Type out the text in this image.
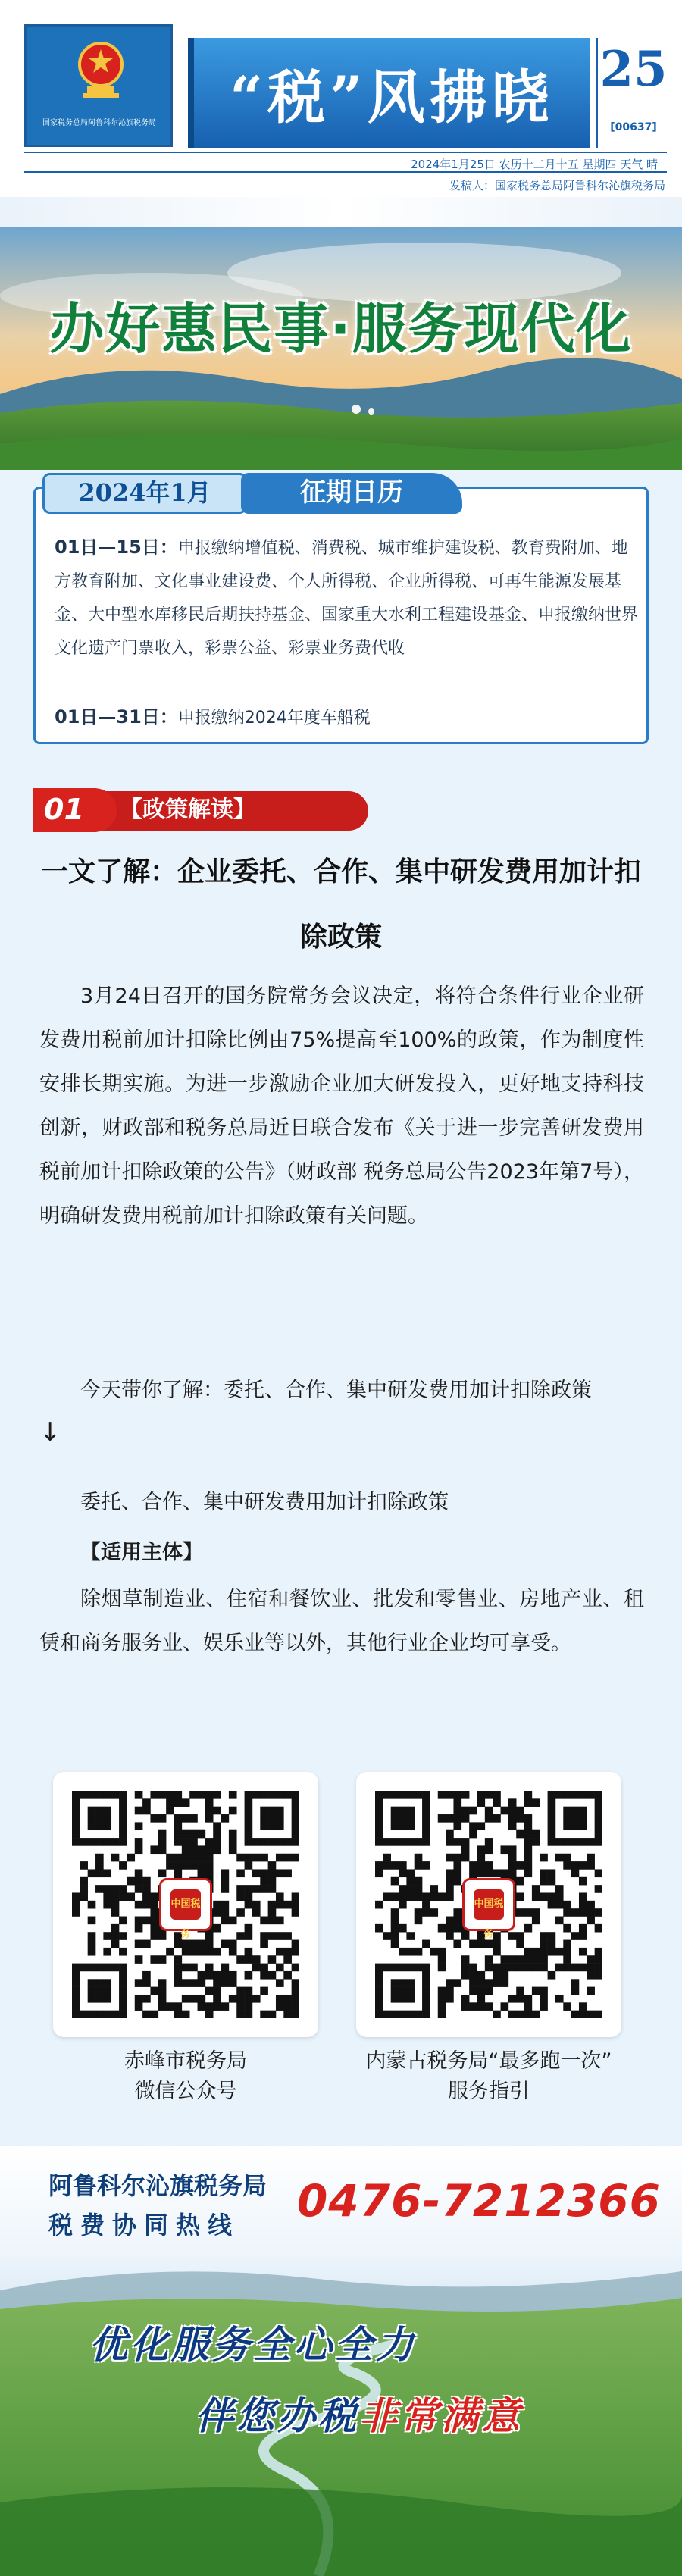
国家税务总局阿鲁科尔沁旗税务局	“税”风拂晓 25
[00637]
2024年1月25日 农历十二月十五 星期四 天气 晴
发稿人：国家税务总局阿鲁科尔沁旗税务局
办好惠民事·服务现代化
2024年1月	征期日历
01日—15日：申报缴纳增值税、消费税、城市维护建设税、教育费附加、地方教育附加、文化事业建设费、个人所得税、企业所得税、可再生能源发展基金、大中型水库移民后期扶持基金、国家重大水利工程建设基金、申报缴纳世界文化遗产门票收入，彩票公益、彩票业务费代收
01日—31日：申报缴纳2024年度车船税
【政策解读】
01
一文了解：企业委托、合作、集中研发费用加计扣除政策
3月24日召开的国务院常务会议决定，将符合条件行业企业研发费用税前加计扣除比例由75%提高至100%的政策，作为制度性安排长期实施。为进一步激励企业加大研发投入，更好地支持科技创新，财政部和税务总局近日联合发布《关于进一步完善研发费用税前加计扣除政策的公告》（财政部 税务总局公告2023年第7号），明确研发费用税前加计扣除政策有关问题。
今天带你了解：委托、合作、集中研发费用加计扣除政策
↓
委托、合作、集中研发费用加计扣除政策
【适用主体】
除烟草制造业、住宿和餐饮业、批发和零售业、房地产业、租赁和商务服务业、娱乐业等以外，其他行业企业均可享受。
中国税务
中国税务
赤峰市税务局
微信公众号
内蒙古税务局“最多跑一次”
服务指引
阿鲁科尔沁旗税务局
税费协同热线 0476-7212366
优化服务全心全力
伴您办税非常满意
